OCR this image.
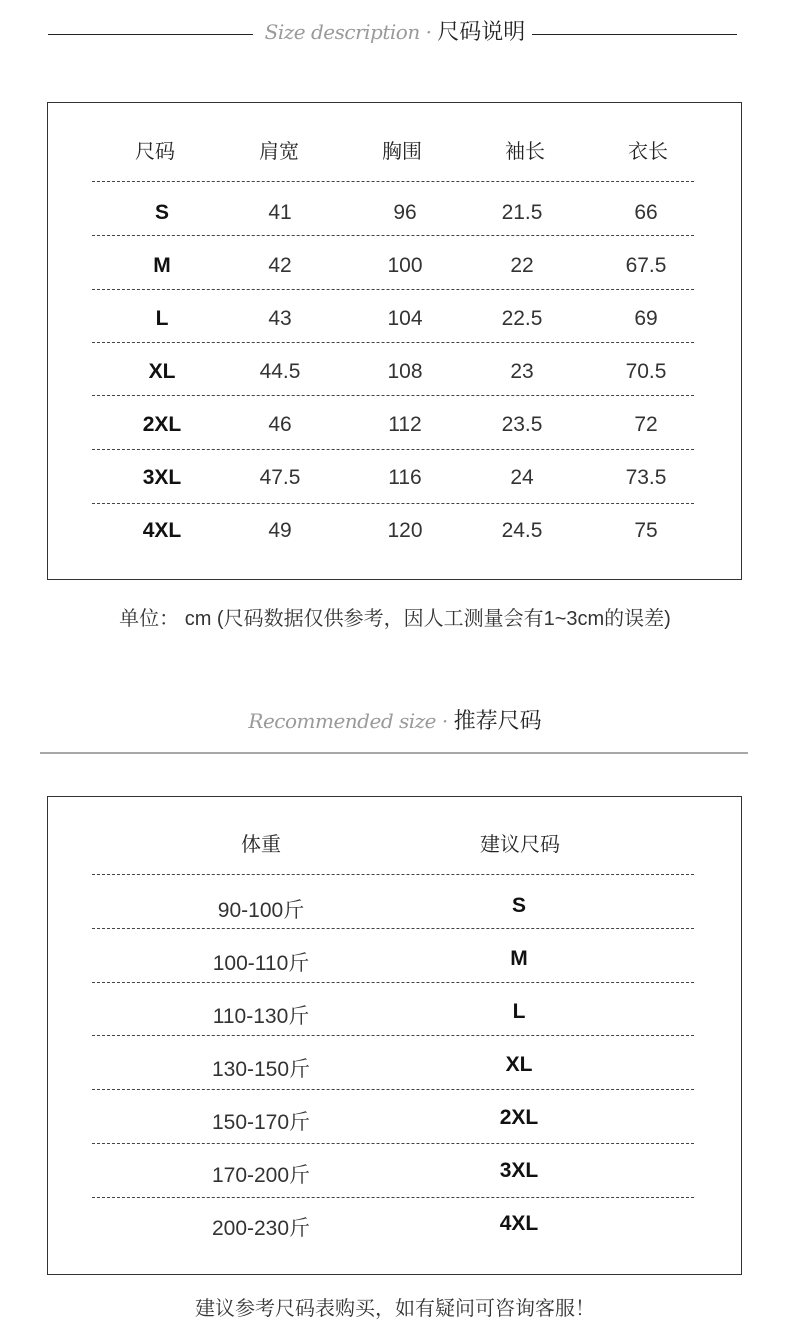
Size description · 尺码说明
尺码	肩宽	胸围	袖长	衣长
S	41	96	21.5	66
M	42	100	22	67.5
L	43	104	22.5	69
XL	44.5	108	23	70.5
2XL	46	112	23.5	72
3XL	47.5	116	24	73.5
4XL	49	120	24.5	75
单位： cm (尺码数据仅供参考，因人工测量会有1~3cm的误差)
Recommended size · 推荐尺码
体重	建议尺码
90-100斤	S
100-110斤	M
110-130斤	L
130-150斤	XL
150-170斤	2XL
170-200斤	3XL
200-230斤	4XL
建议参考尺码表购买，如有疑问可咨询客服！
